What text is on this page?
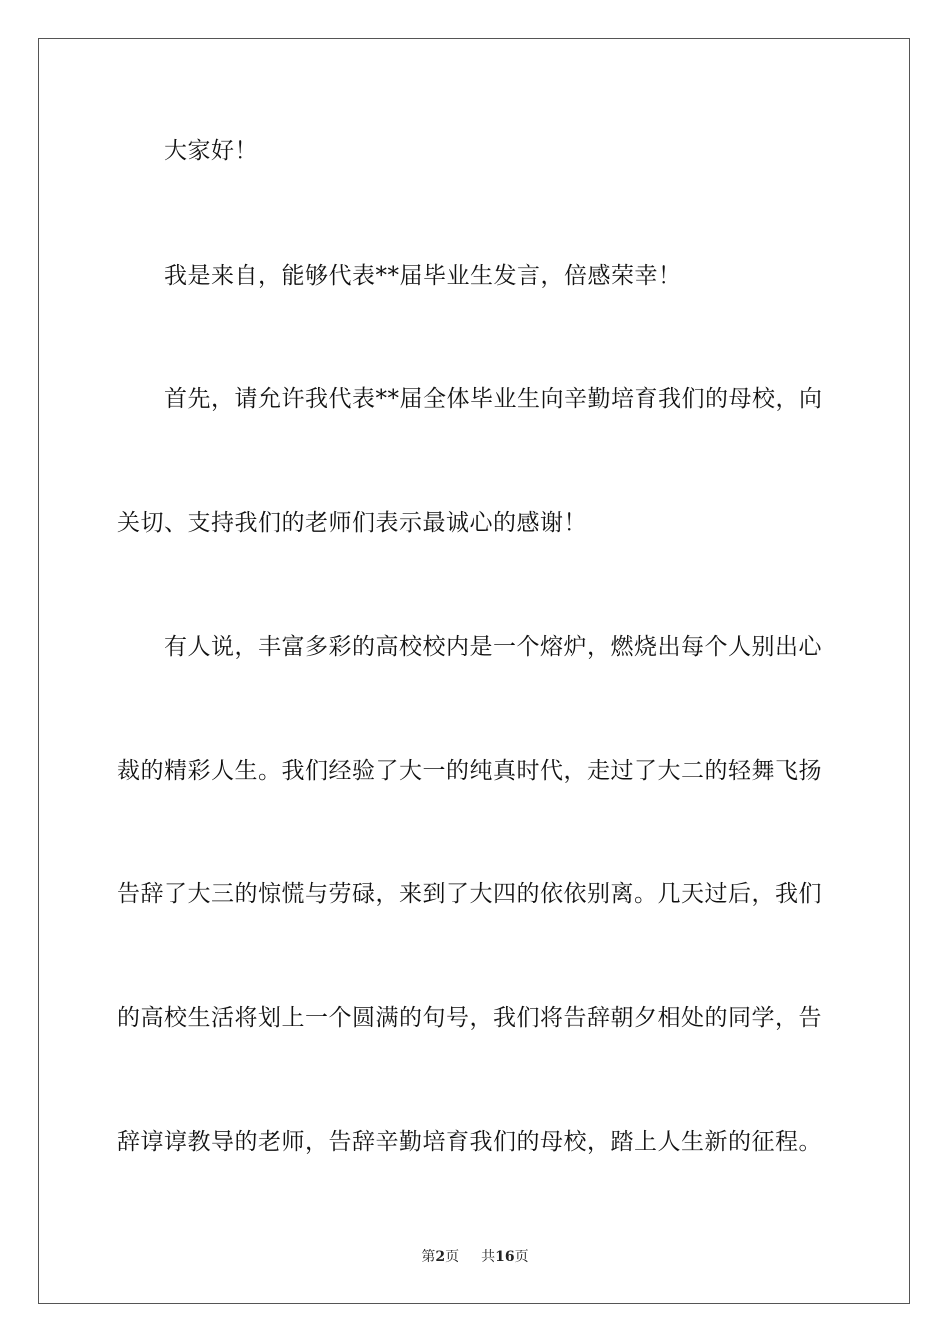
大家好！
我是来自，能够代表**届毕业生发言，倍感荣幸！
首先，请允许我代表**届全体毕业生向辛勤培育我们的母校，向
关切、支持我们的老师们表示最诚心的感谢！
有人说，丰富多彩的高校校内是一个熔炉，燃烧出每个人别出心
裁的精彩人生。我们经验了大一的纯真时代，走过了大二的轻舞飞扬
告辞了大三的惊慌与劳碌，来到了大四的依依别离。几天过后，我们
的高校生活将划上一个圆满的句号，我们将告辞朝夕相处的同学，告
辞谆谆教导的老师，告辞辛勤培育我们的母校，踏上人生新的征程。
第2页 共16页
